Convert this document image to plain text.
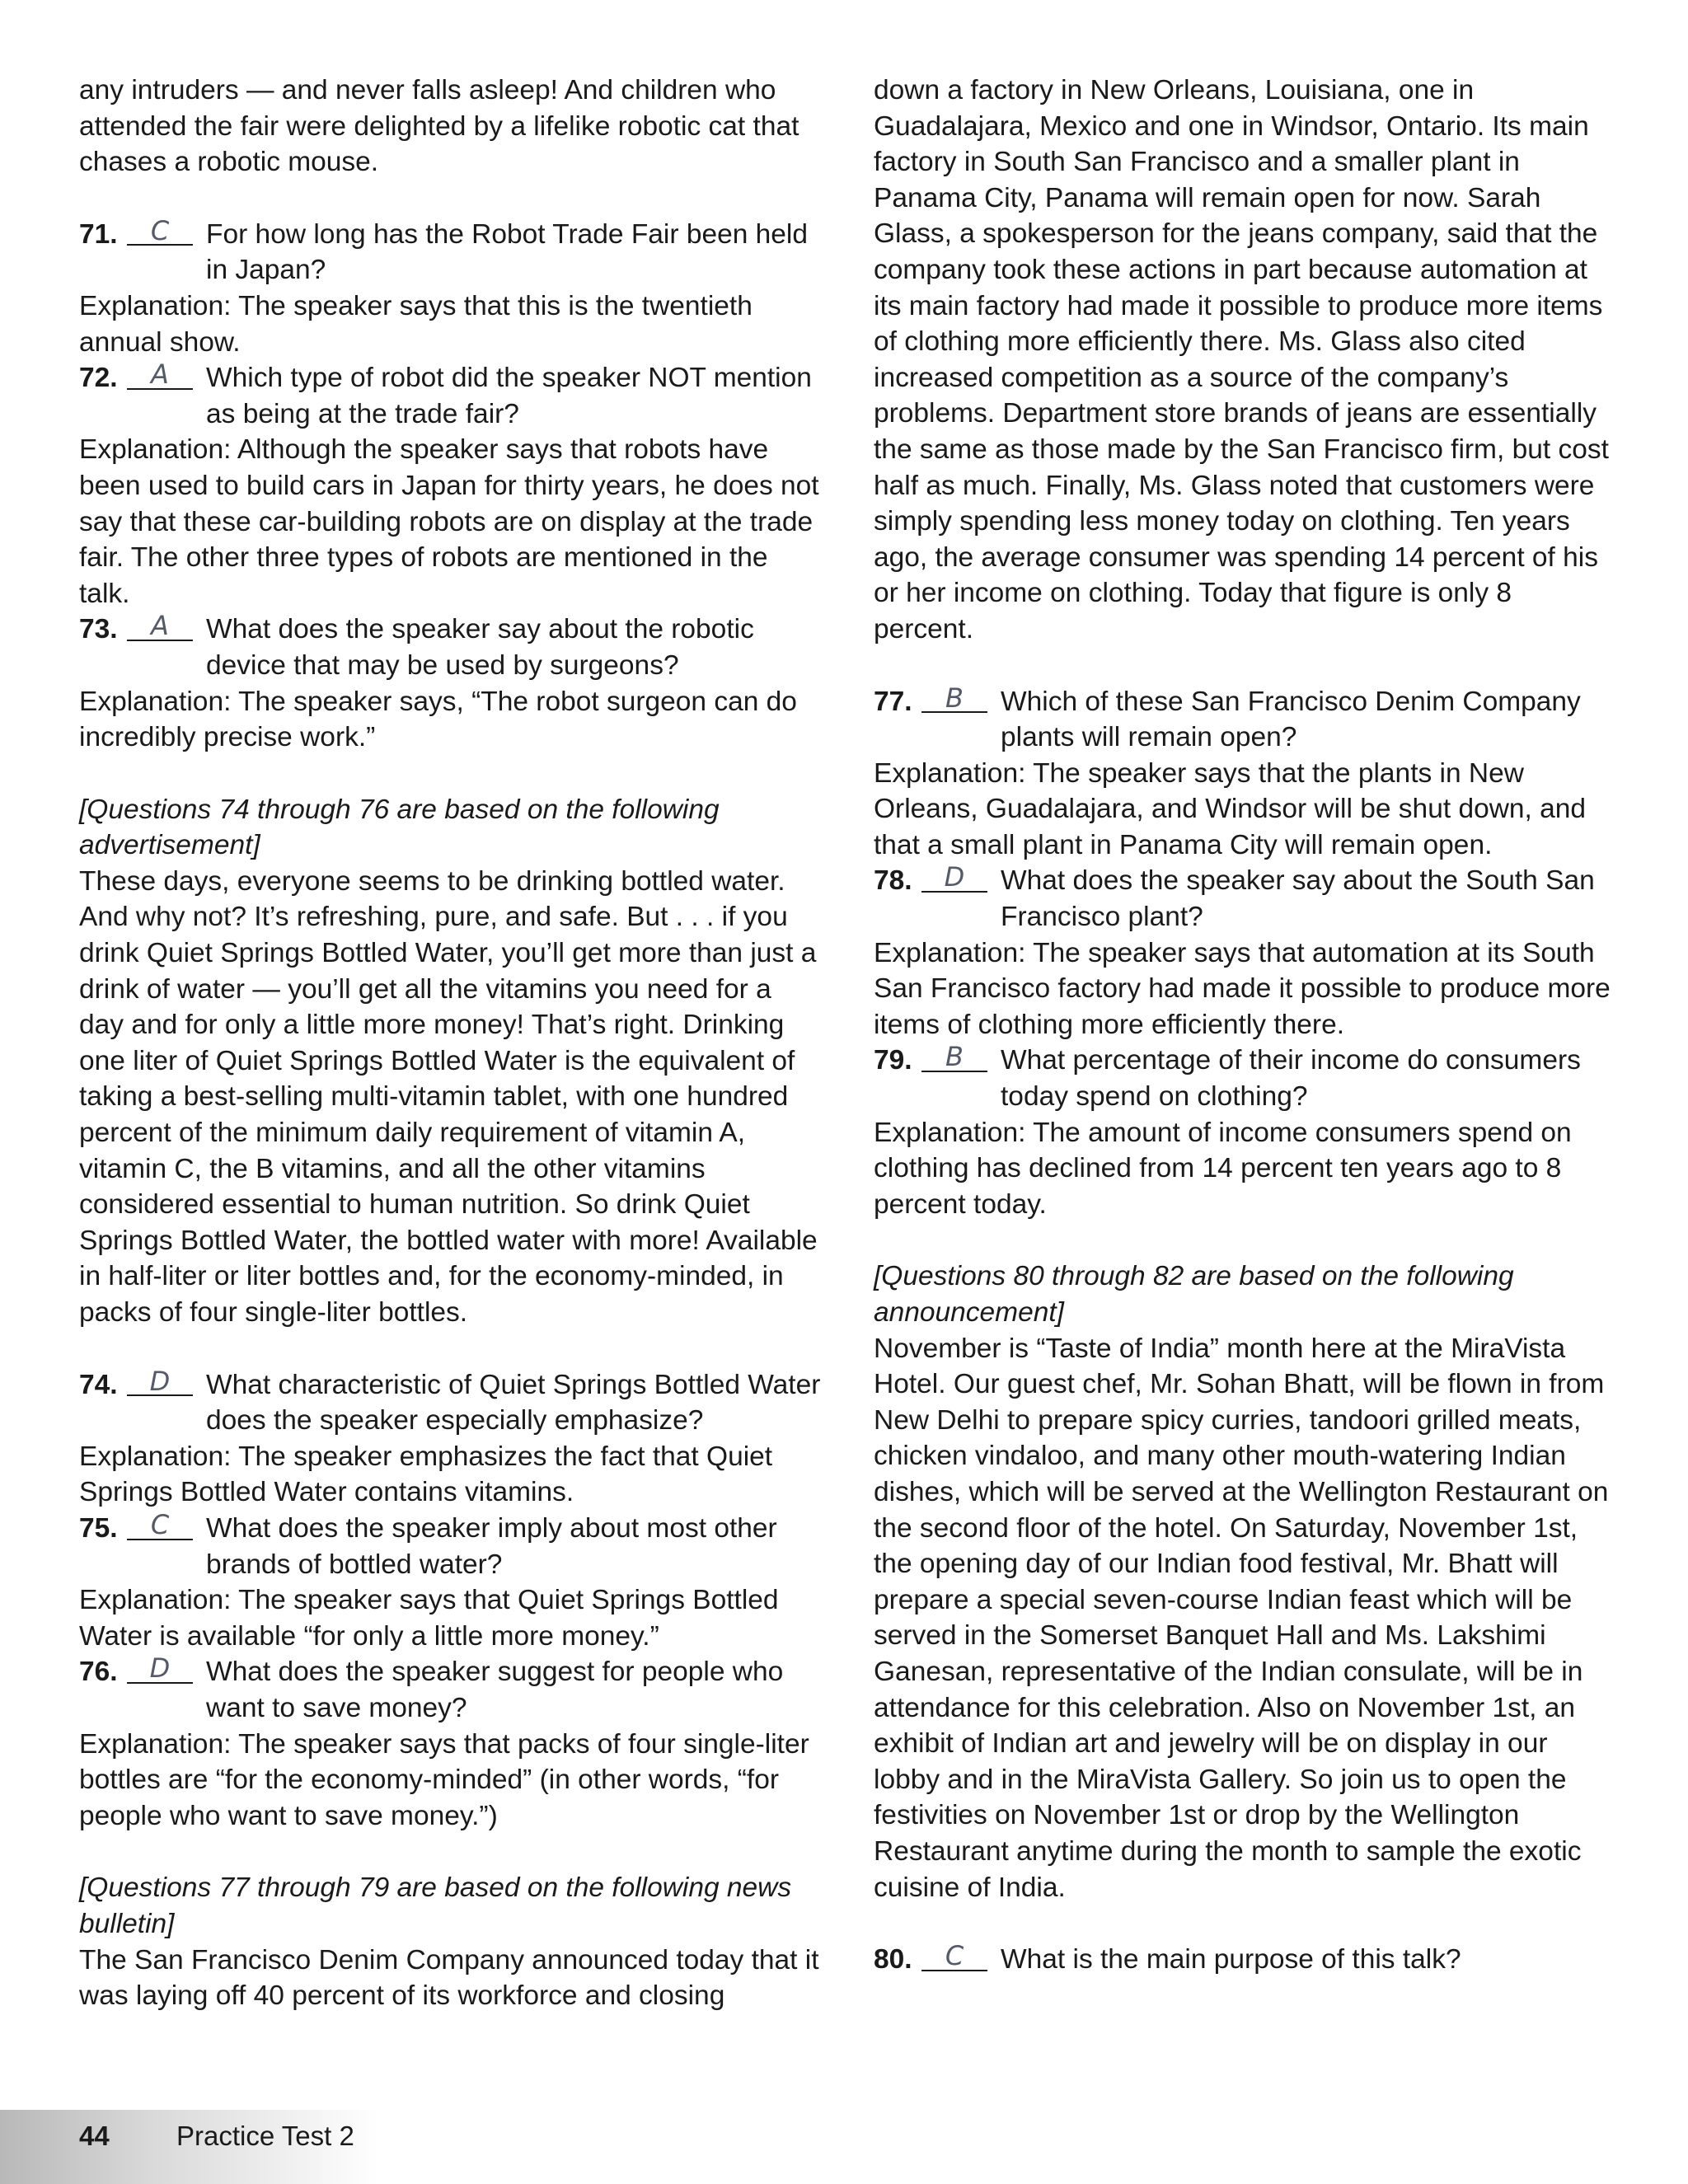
any intruders — and never falls asleep! And children who attended the fair were delighted by a lifelike robotic cat that chases a robotic mouse.

71.	C	For how long has the Robot Trade Fair been held in Japan?

Explanation: The speaker says that this is the twentieth annual show.

72.	A	Which type of robot did the speaker NOT mention as being at the trade fair?

Explanation: Although the speaker says that robots have been used to build cars in Japan for thirty years, he does not say that these car-building robots are on display at the trade fair. The other three types of robots are mentioned in the talk.

73.	A	What does the speaker say about the robotic device that may be used by surgeons?

Explanation: The speaker says, “The robot surgeon can do incredibly precise work.”

[Questions 74 through 76 are based on the following advertisement]

These days, everyone seems to be drinking bottled water. And why not? It’s refreshing, pure, and safe. But . . . if you drink Quiet Springs Bottled Water, you’ll get more than just a drink of water — you’ll get all the vitamins you need for a day and for only a little more money! That’s right. Drinking one liter of Quiet Springs Bottled Water is the equivalent of taking a best-selling multi-vitamin tablet, with one hundred percent of the minimum daily requirement of vitamin A, vitamin C, the B vitamins, and all the other vitamins considered essential to human nutrition. So drink Quiet Springs Bottled Water, the bottled water with more! Available in half-liter or liter bottles and, for the economy-minded, in packs of four single-liter bottles.

74.	D	What characteristic of Quiet Springs Bottled Water does the speaker especially emphasize?

Explanation: The speaker emphasizes the fact that Quiet Springs Bottled Water contains vitamins.

75.	C	What does the speaker imply about most other brands of bottled water?

Explanation: The speaker says that Quiet Springs Bottled Water is available “for only a little more money.”

76.	D	What does the speaker suggest for people who want to save money?

Explanation: The speaker says that packs of four single-liter bottles are “for the economy-minded” (in other words, “for people who want to save money.”)

[Questions 77 through 79 are based on the following news bulletin]

The San Francisco Denim Company announced today that it was laying off 40 percent of its workforce and closing

down a factory in New Orleans, Louisiana, one in Guadalajara, Mexico and one in Windsor, Ontario. Its main factory in South San Francisco and a smaller plant in Panama City, Panama will remain open for now. Sarah Glass, a spokesperson for the jeans company, said that the company took these actions in part because automation at its main factory had made it possible to produce more items of clothing more efficiently there. Ms. Glass also cited increased competition as a source of the company’s problems. Department store brands of jeans are essentially the same as those made by the San Francisco firm, but cost half as much. Finally, Ms. Glass noted that customers were simply spending less money today on clothing. Ten years ago, the average consumer was spending 14 percent of his or her income on clothing. Today that figure is only 8 percent.

77.	B	Which of these San Francisco Denim Company plants will remain open?

Explanation: The speaker says that the plants in New Orleans, Guadalajara, and Windsor will be shut down, and that a small plant in Panama City will remain open.

78.	D	What does the speaker say about the South San Francisco plant?

Explanation: The speaker says that automation at its South San Francisco factory had made it possible to produce more items of clothing more efficiently there.

79.	B	What percentage of their income do consumers today spend on clothing?

Explanation: The amount of income consumers spend on clothing has declined from 14 percent ten years ago to 8 percent today.

[Questions 80 through 82 are based on the following announcement]

November is “Taste of India” month here at the MiraVista Hotel. Our guest chef, Mr. Sohan Bhatt, will be flown in from New Delhi to prepare spicy curries, tandoori grilled meats, chicken vindaloo, and many other mouth-watering Indian dishes, which will be served at the Wellington Restaurant on the second floor of the hotel. On Saturday, November 1st, the opening day of our Indian food festival, Mr. Bhatt will prepare a special seven-course Indian feast which will be served in the Somerset Banquet Hall and Ms. Lakshimi Ganesan, representative of the Indian consulate, will be in attendance for this celebration. Also on November 1st, an exhibit of Indian art and jewelry will be on display in our lobby and in the MiraVista Gallery. So join us to open the festivities on November 1st or drop by the Wellington Restaurant anytime during the month to sample the exotic cuisine of India.

80.	C	What is the main purpose of this talk?
44 Practice Test 2
